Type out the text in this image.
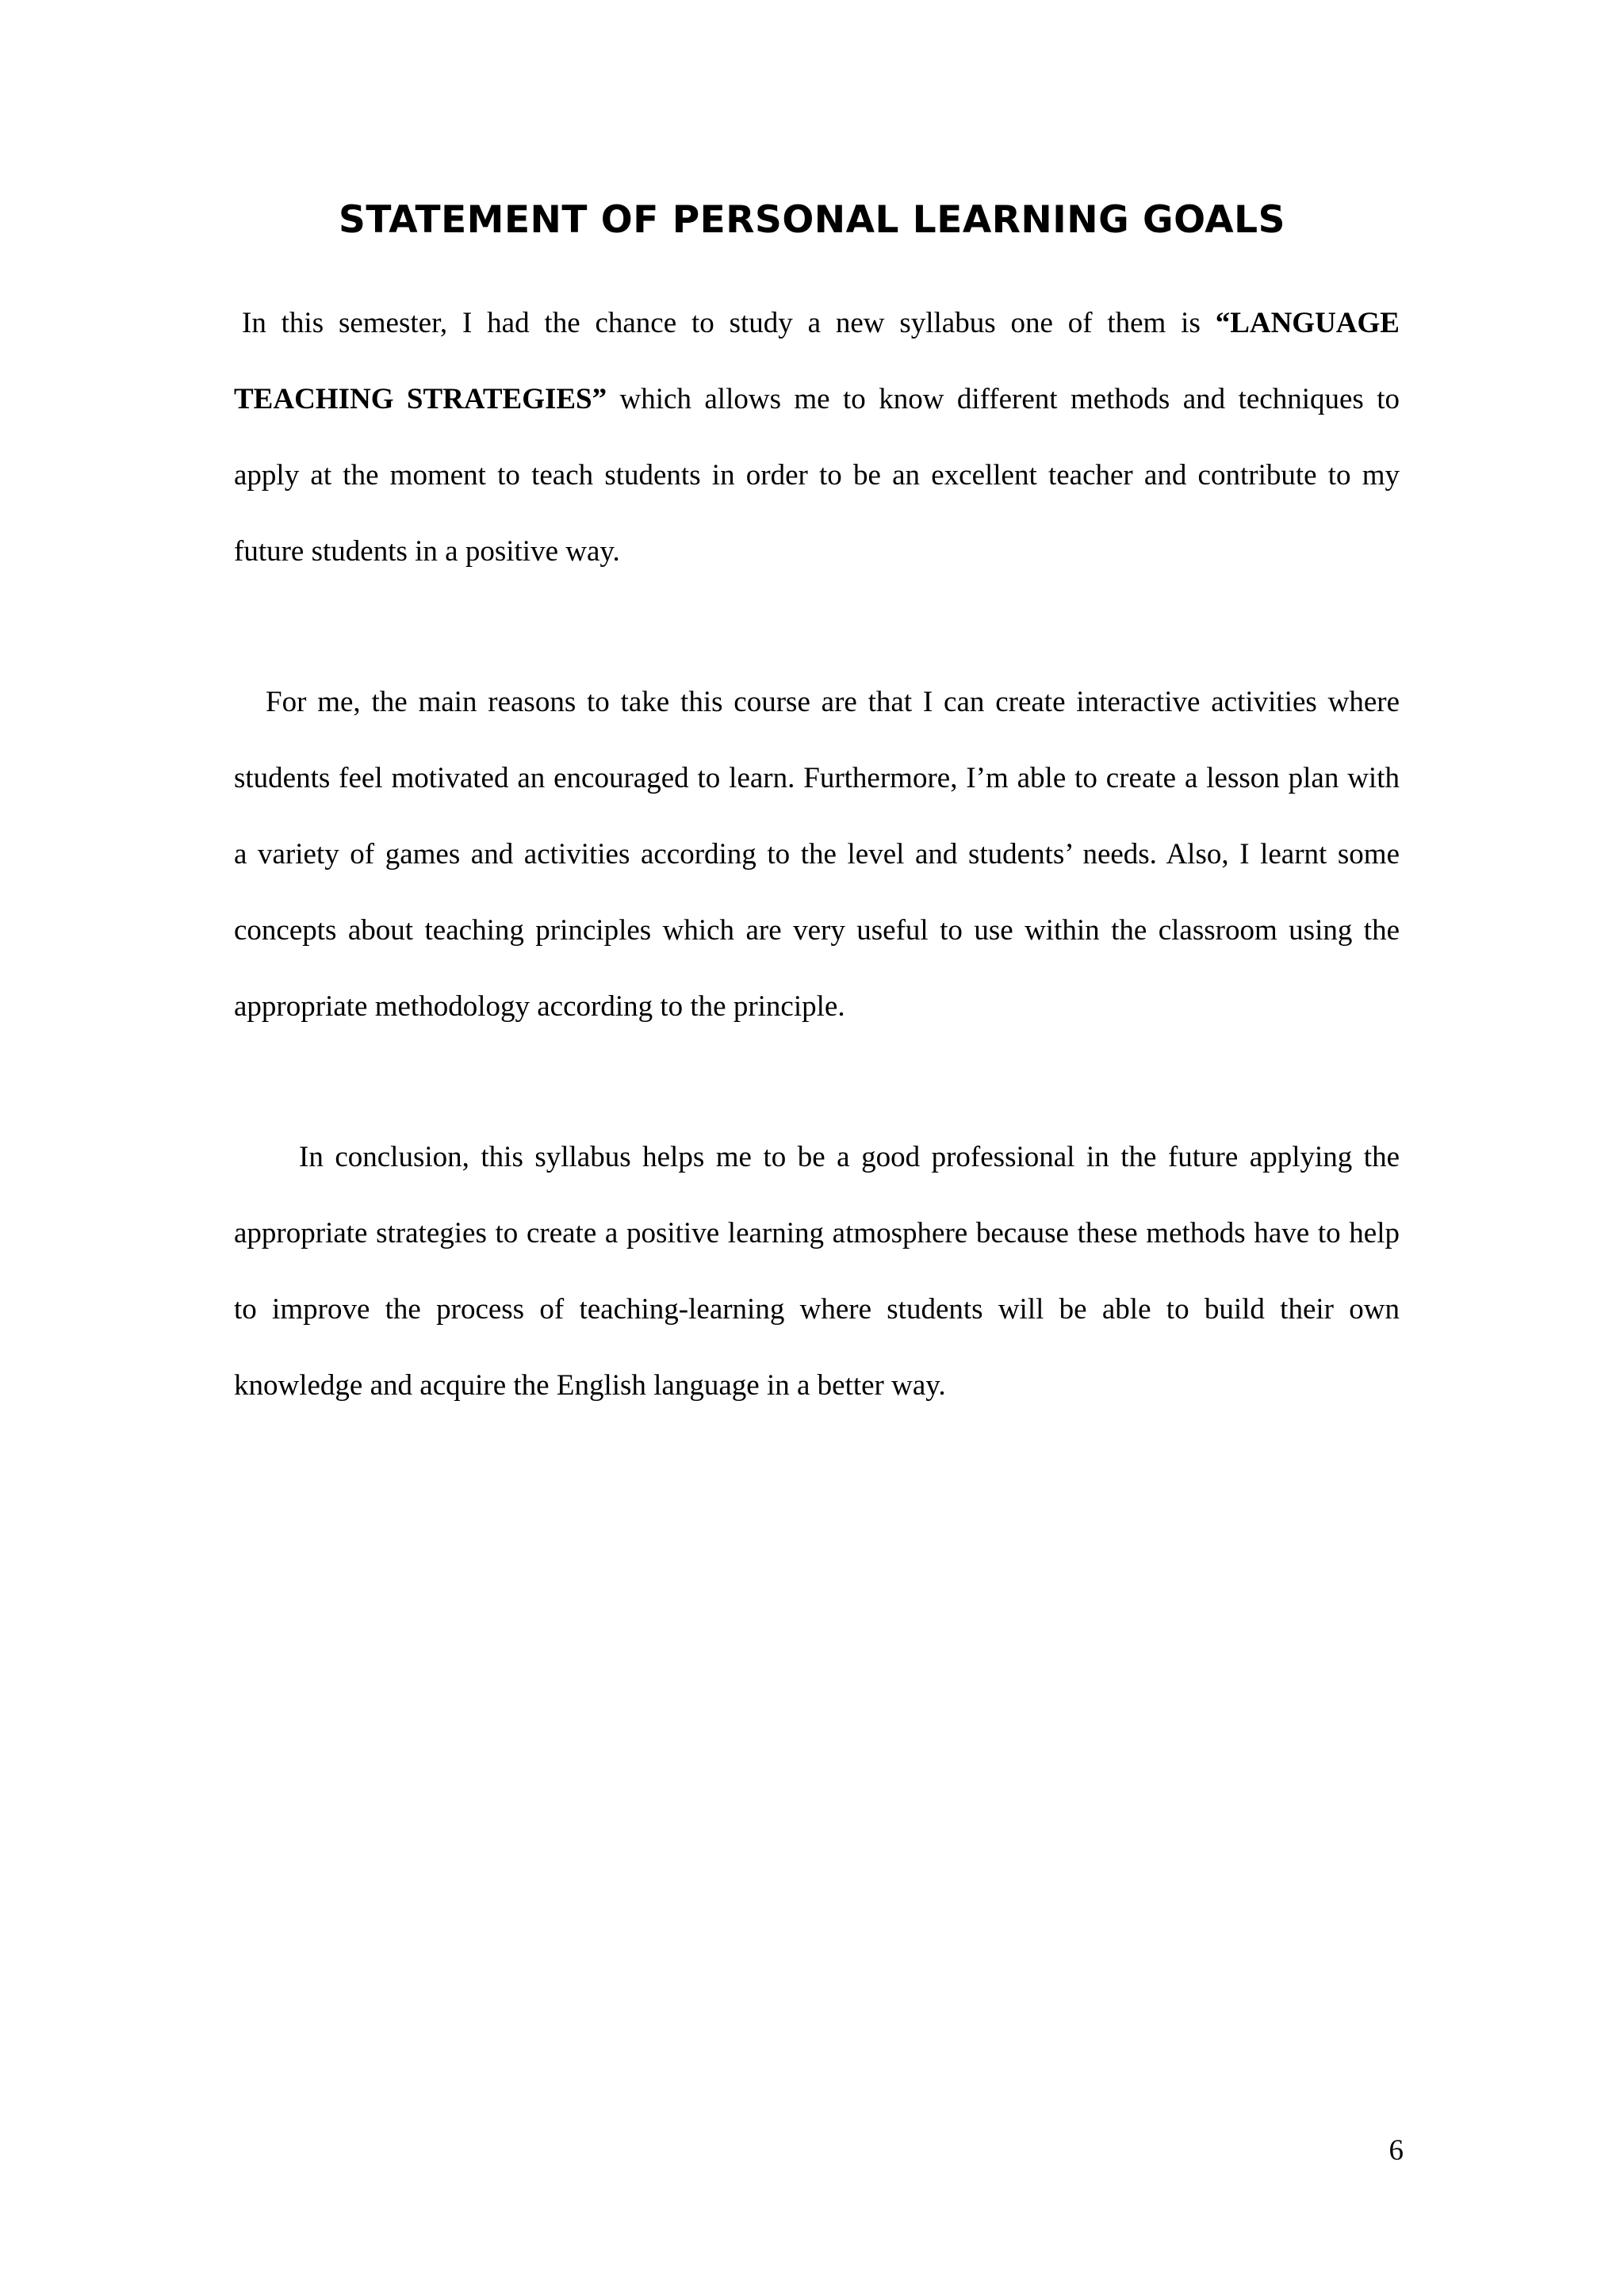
STATEMENT OF PERSONAL LEARNING GOALS

In this semester, I had the chance to study a new syllabus one of them is “LANGUAGE TEACHING STRATEGIES” which allows me to know different methods and techniques to apply at the moment to teach students in order to be an excellent teacher and contribute to my future students in a positive way.

For me, the main reasons to take this course are that I can create interactive activities where students feel motivated an encouraged to learn. Furthermore, I’m able to create a lesson plan with a variety of games and activities according to the level and students’ needs. Also, I learnt some concepts about teaching principles which are very useful to use within the classroom using the appropriate methodology according to the principle.

In conclusion, this syllabus helps me to be a good professional in the future applying the appropriate strategies to create a positive learning atmosphere because these methods have to help to improve the process of teaching-learning where students will be able to build their own knowledge and acquire the English language in a better way.

6
